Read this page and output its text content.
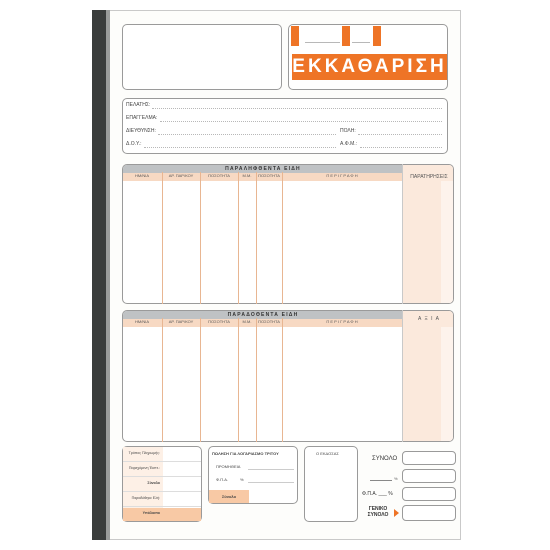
ΕΚΚΑΘΑΡΙΣΗ
ΠΕΛΑΤΗΣ:
ΕΠΑΓΓΕΛΜΑ:
ΔΙΕΥΘΥΝΣΗ:	ΠΟΛΗ:
Δ.Ο.Υ.:	Α.Φ.Μ.:
ΠΑΡΑΛΗΦΘΕΝΤΑ ΕΙΔΗ
ΠΑΡΑΤΗΡΗΣΕΙΣ
ΗΜ/ΝΙΑ	ΑΡ. ΠΑΡ/ΚΟΥ	ΠΟΣΟΤΗΤΑ	Μ.Μ.	ΠΟΣΟΤΗΤΑ	Π Ε Ρ Ι Γ Ρ Α Φ Η
ΠΑΡΑΔΟΘΕΝΤΑ ΕΙΔΗ
Α Ξ Ι Α
ΗΜ/ΝΙΑ	ΑΡ. ΠΑΡ/ΚΟΥ	ΠΟΣΟΤΗΤΑ	Μ.Μ.	ΠΟΣΟΤΗΤΑ	Π Ε Ρ Ι Γ Ρ Α Φ Η
Τρόπος Πληρωμής:
Παρεχόμενη Έκπτ.:
Σύνολο
Παραδόθηκε Ελή:
Υπόλοιπο
ΠΩΛΗΣΗ ΓΙΑ ΛΟΓΑΡΙΑΣΜΟ ΤΡΙΤΟΥ
ΠΡΟΜΗΘΕΙΑ
Φ.Π.Α.	%
Σύνολο
Ο ΕΚΔΟΣΑΣ
ΣΥΝΟΛΟ
%
Φ.Π.Α. ___ %
ΓΕΝΙΚΟ ΣΥΝΟΛΟ
